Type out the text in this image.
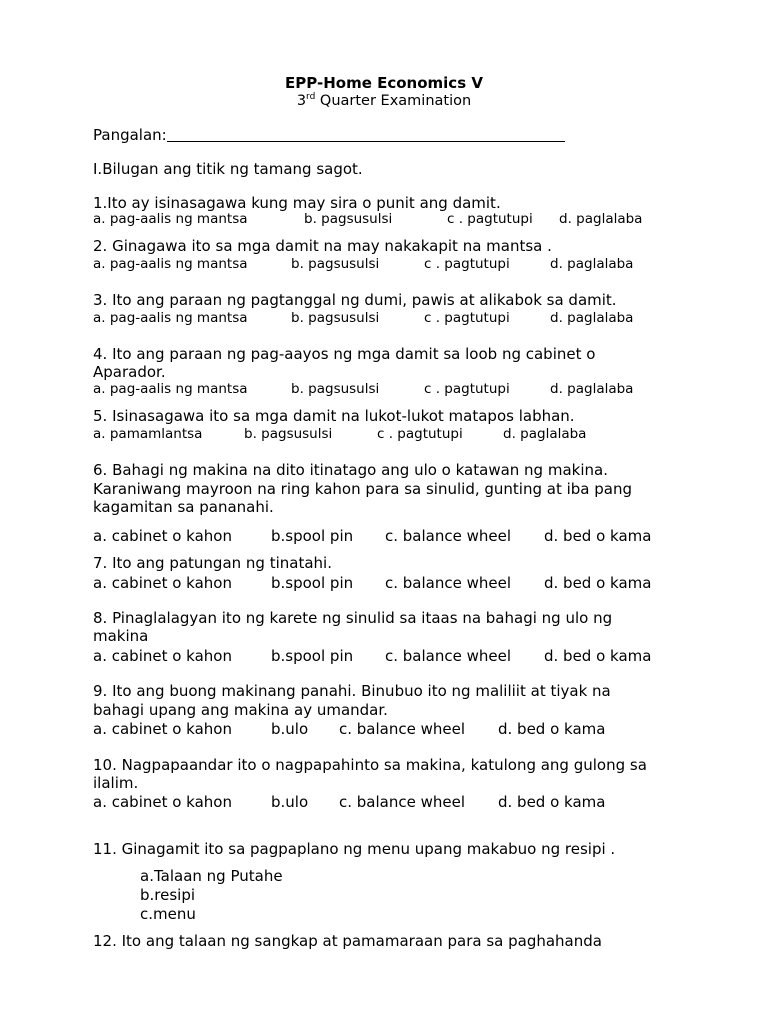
EPP-Home Economics V
3rd Quarter Examination
Pangalan:
I.Bilugan ang titik ng tamang sagot.
1.Ito ay isinasagawa kung may sira o punit ang damit.
a. pag-aalis ng mantsa	b. pagsusulsi	c . pagtutupi d. paglalaba
2. Ginagawa ito sa mga damit na may nakakapit na mantsa .
a. pag-aalis ng mantsa	b. pagsusulsi	c . pagtutupi	d. paglalaba
3. Ito ang paraan ng pagtanggal ng dumi, pawis at alikabok sa damit.
a. pag-aalis ng mantsa	b. pagsusulsi	c . pagtutupi	d. paglalaba
4. Ito ang paraan ng pag-aayos ng mga damit sa loob ng cabinet o
Aparador.
a. pag-aalis ng mantsa	b. pagsusulsi	c . pagtutupi	d. paglalaba
5. Isinasagawa ito sa mga damit na lukot-lukot matapos labhan.
a. pamamlantsa	b. pagsusulsi	c . pagtutupi	d. paglalaba
6. Bahagi ng makina na dito itinatago ang ulo o katawan ng makina.
Karaniwang mayroon na ring kahon para sa sinulid, gunting at iba pang
kagamitan sa pananahi.
a. cabinet o kahon	b.spool pin c. balance wheel d. bed o kama
7. Ito ang patungan ng tinatahi.
a. cabinet o kahon	b.spool pin c. balance wheel d. bed o kama
8. Pinaglalagyan ito ng karete ng sinulid sa itaas na bahagi ng ulo ng
makina
a. cabinet o kahon	b.spool pin c. balance wheel d. bed o kama
9. Ito ang buong makinang panahi. Binubuo ito ng maliliit at tiyak na
bahagi upang ang makina ay umandar.
a. cabinet o kahon	b.ulo c. balance wheel d. bed o kama
10. Nagpapaandar ito o nagpapahinto sa makina, katulong ang gulong sa
ilalim.
a. cabinet o kahon	b.ulo c. balance wheel d. bed o kama
11. Ginagamit ito sa pagpaplano ng menu upang makabuo ng resipi .
a.Talaan ng Putahe
b.resipi
c.menu
12. Ito ang talaan ng sangkap at pamamaraan para sa paghahanda
